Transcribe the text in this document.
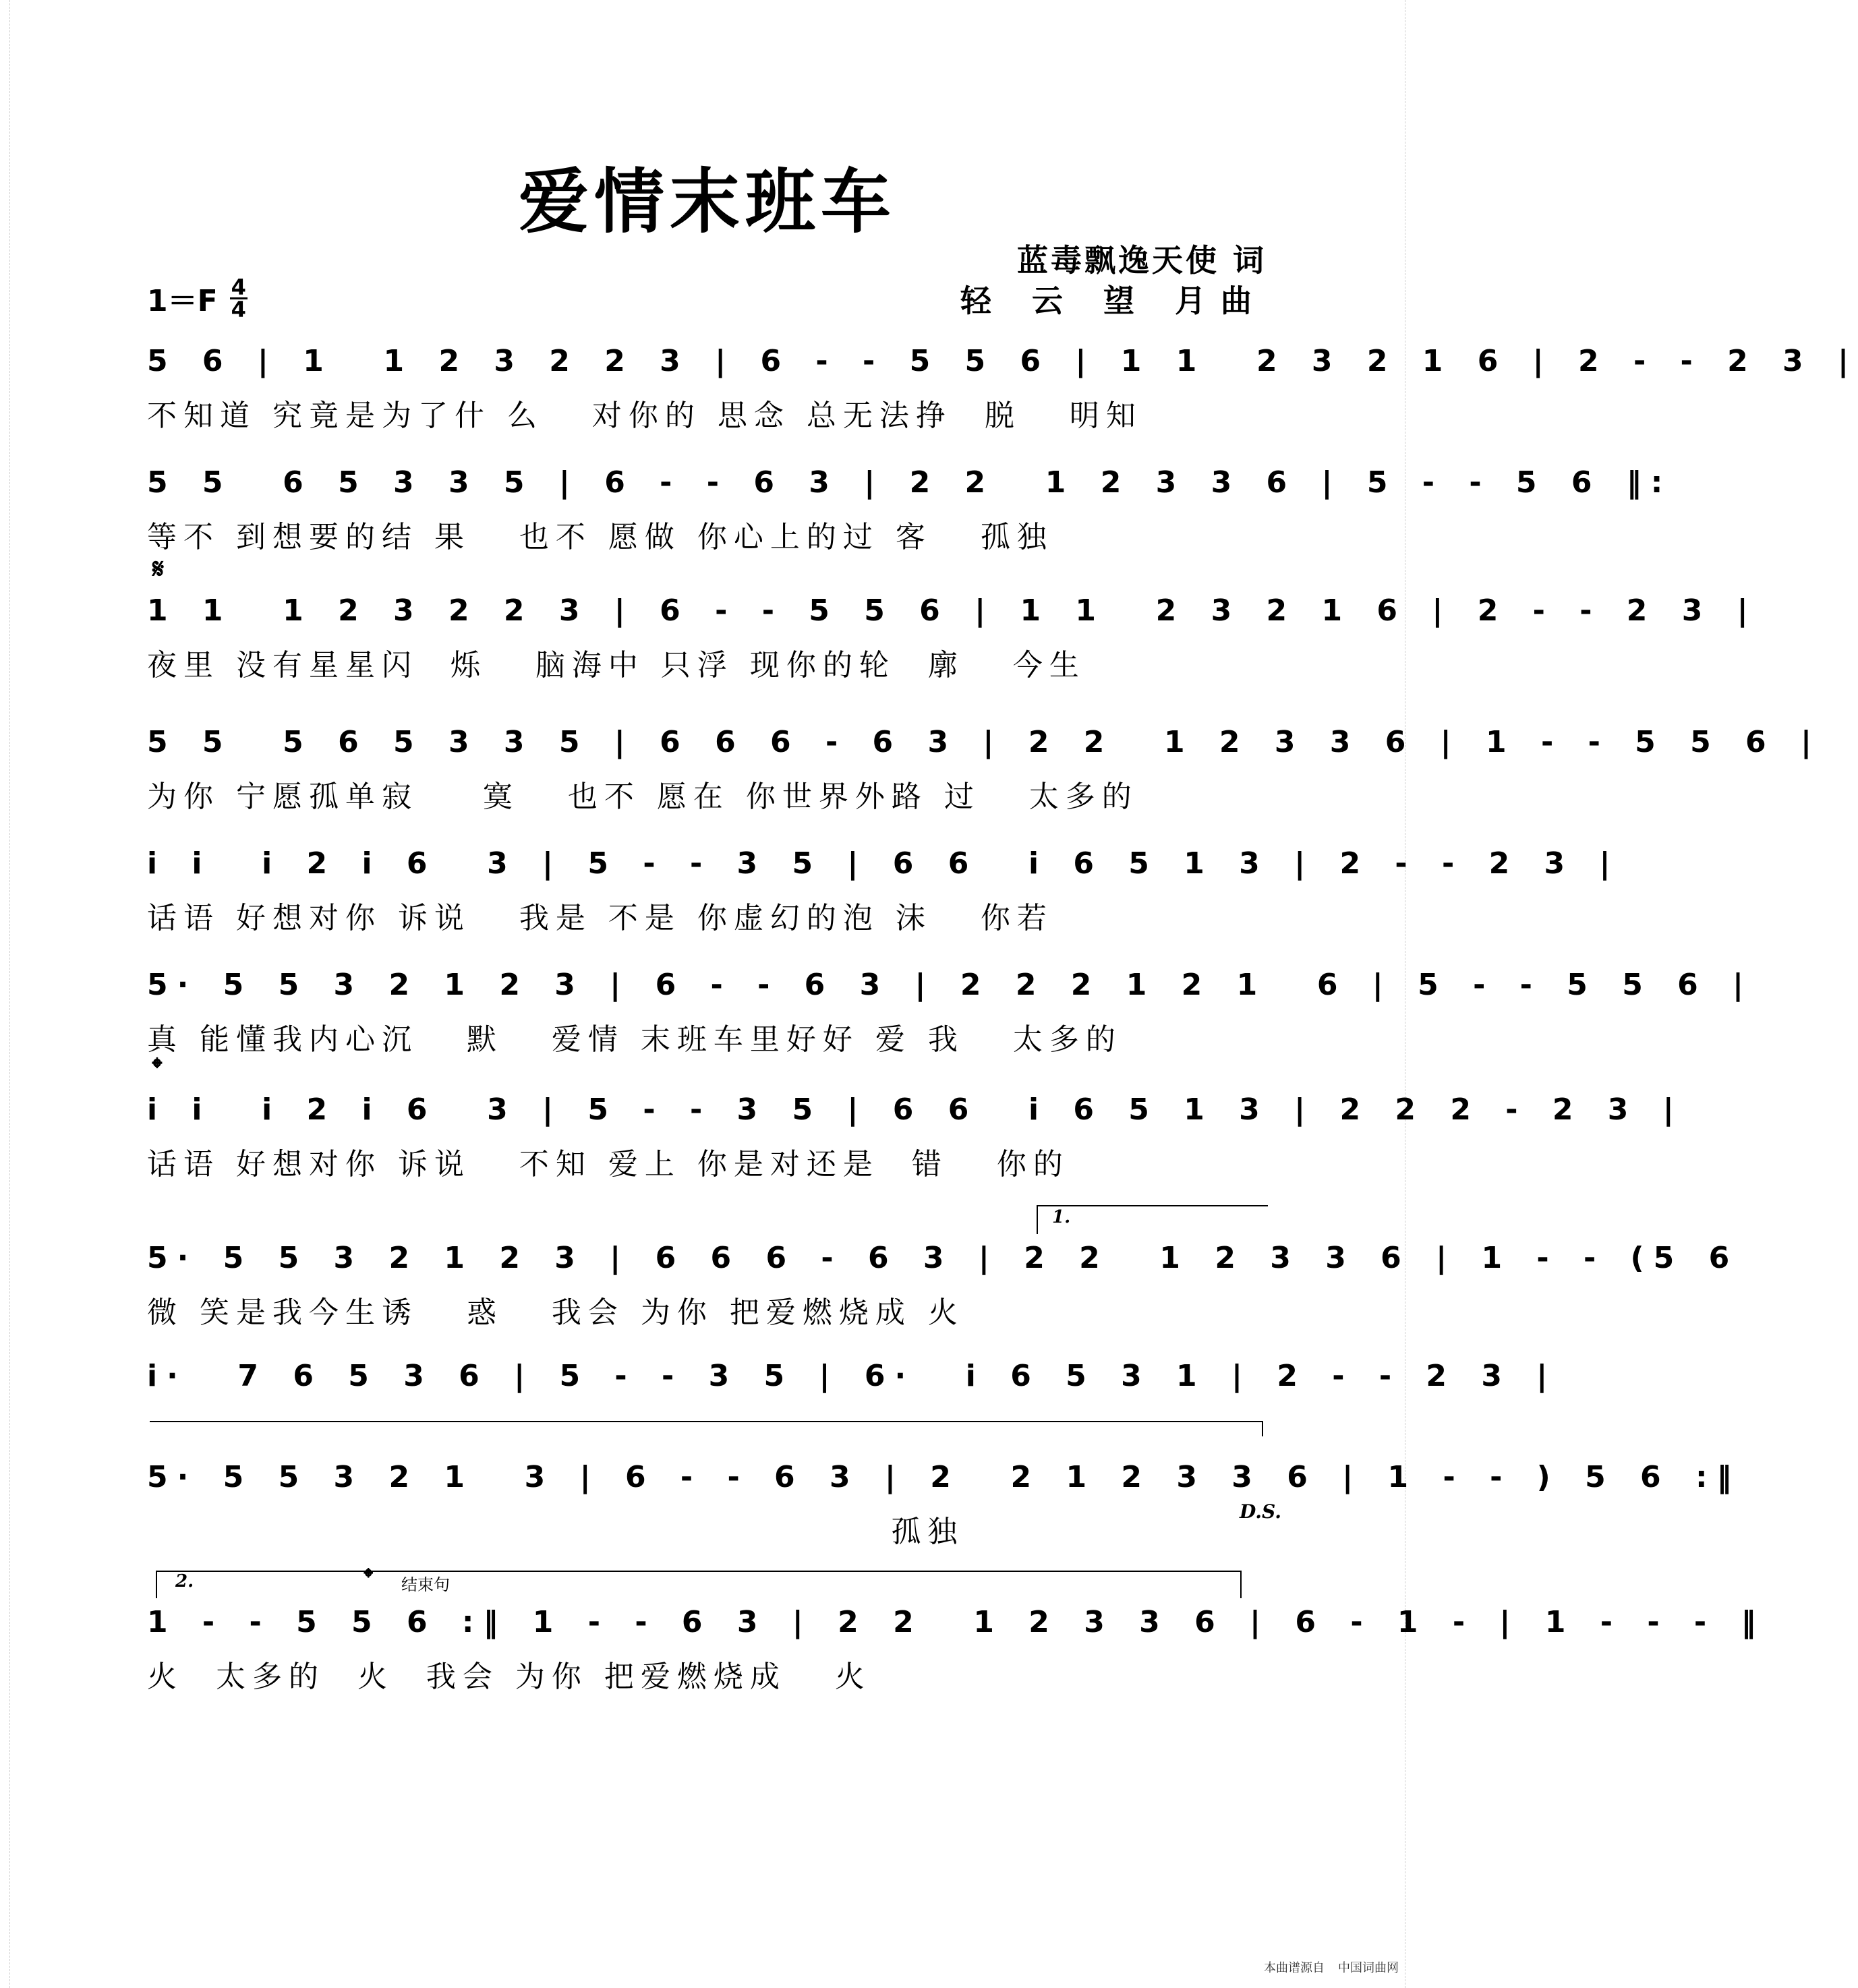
爱情末班车
蓝毒飘逸天使 词
轻 云 望 月曲
1＝F 4
4
5 6 | 1  1 2 3 2 2 3 | 6 - - 5 5 6 | 1 1  2 3 2 1 6 | 2 - - 2 3 |

不知道 究竟是为了什 么   对你的 思念 总无法挣  脱   明知

5 5  6 5 3 3 5 | 6 - - 6 3 | 2 2  1 2 3 3 6 | 5 - - 5 6 ‖:

等不 到想要的结 果   也不 愿做 你心上的过 客   孤独

𝄋
1 1  1 2 3 2 2 3 | 6 - - 5 5 6 | 1 1  2 3 2 1 6 | 2 - - 2 3 |

夜里 没有星星闪  烁   脑海中 只浮 现你的轮  廓   今生

5 5  5 6 5 3 3 5 | 6 6 6 - 6 3 | 2 2  1 2 3 3 6 | 1 - - 5 5 6 |

为你 宁愿孤单寂    寞   也不 愿在 你世界外路 过   太多的

i i  i 2 i 6  3 | 5 - - 3 5 | 6 6  i 6 5 1 3 | 2 - - 2 3 |

话语 好想对你 诉说   我是 不是 你虚幻的泡 沫   你若

5· 5 5 3 2 1 2 3 | 6 - - 6 3 | 2 2 2 1 2 1  6 | 5 - - 5 5 6 |

真 能懂我内心沉   默   爱情 末班车里好好 爱 我   太多的

𝄌
i i  i 2 i 6  3 | 5 - - 3 5 | 6 6  i 6 5 1 3 | 2 2 2 - 2 3 |

话语 好想对你 诉说   不知 爱上 你是对还是  错   你的

1.
5· 5 5 3 2 1 2 3 | 6 6 6 - 6 3 | 2 2  1 2 3 3 6 | 1 - - (5 6

微 笑是我今生诱   惑   我会 为你 把爱燃烧成 火

i·  7 6 5 3 6 | 5 - - 3 5 | 6·  i 6 5 3 1 | 2 - - 2 3 |

5· 5 5 3 2 1  3 | 6 - - 6 3 | 2  2 1 2 3 3 6 | 1 - - ) 5 6 :‖

孤独

D.S.
2.	𝄌 结束句
1 - - 5 5 6 :‖ 1 - - 6 3 | 2 2  1 2 3 3 6 | 6 - 1 - | 1 - - - ‖

火  太多的  火  我会 为你 把爱燃烧成   火

本曲谱源自 中国词曲网
